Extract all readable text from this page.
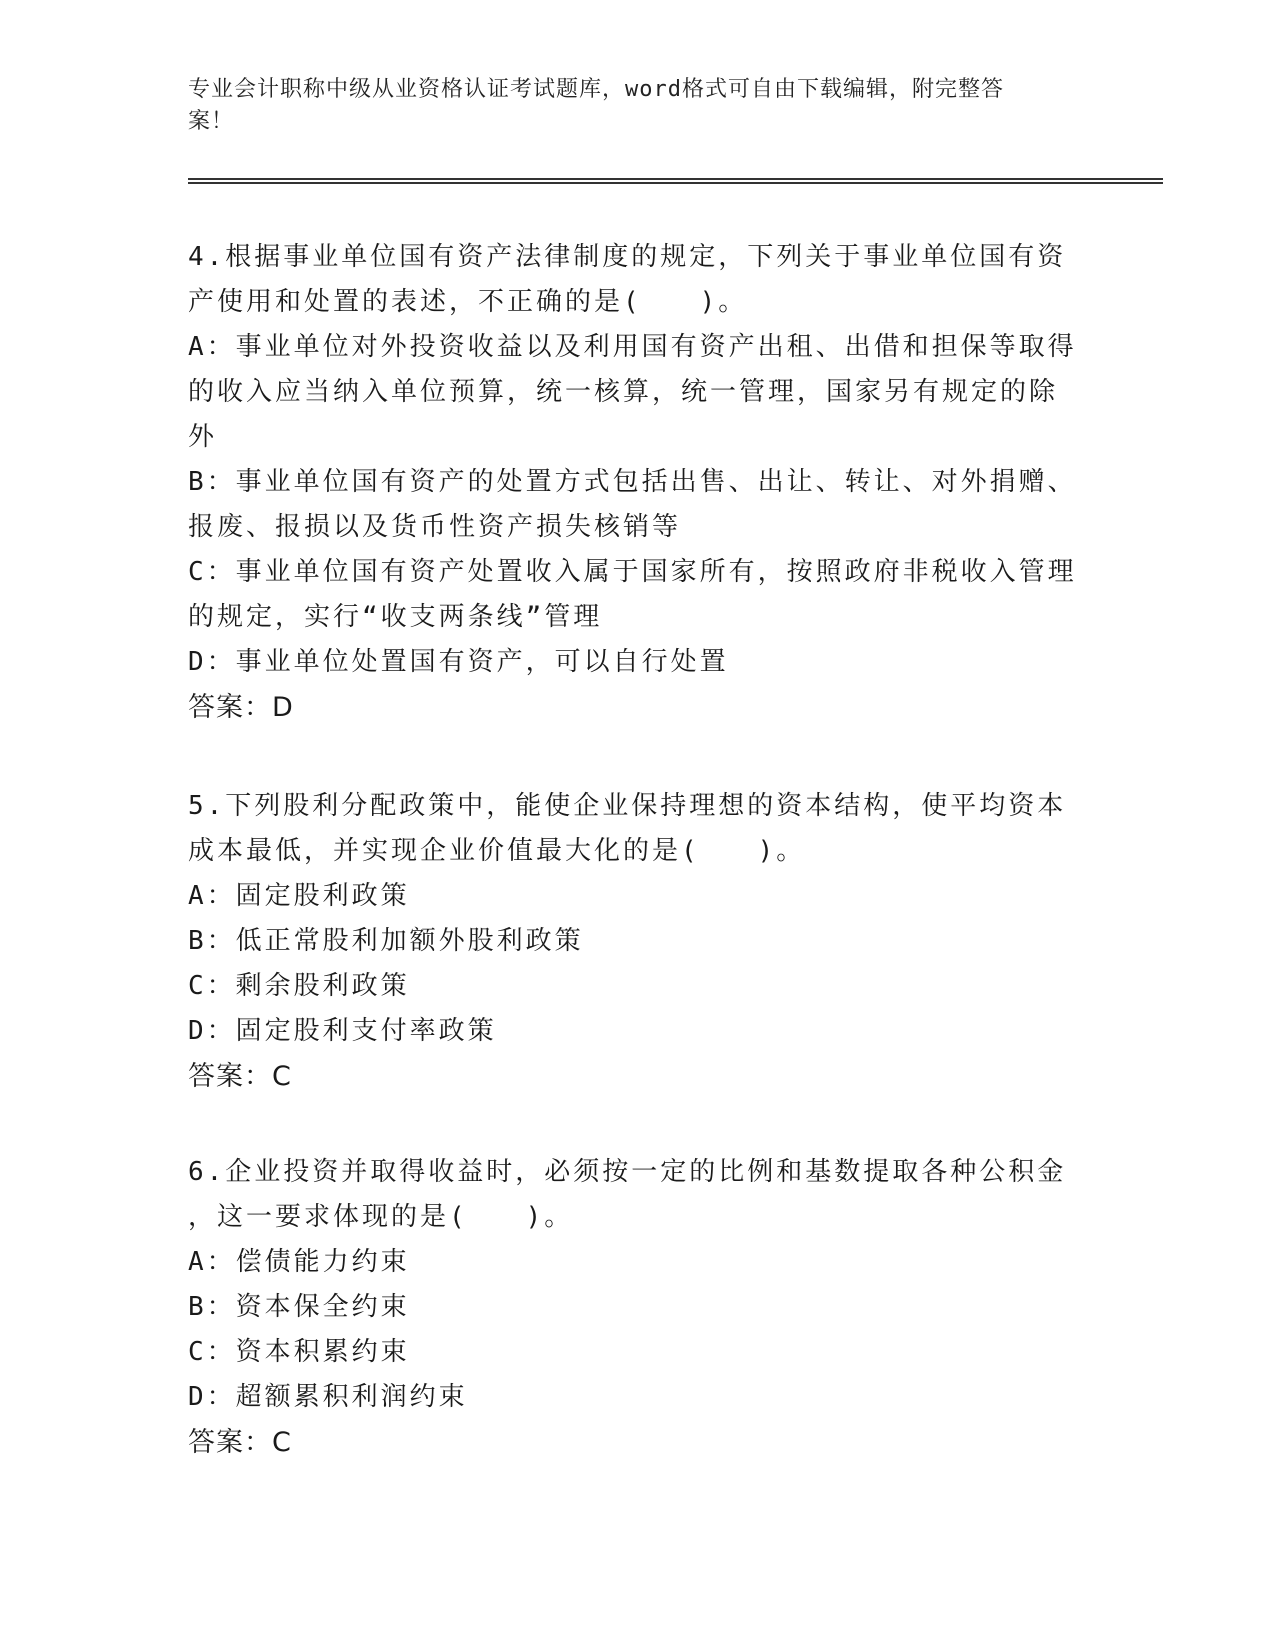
专业会计职称中级从业资格认证考试题库，word格式可自由下载编辑，附完整答
案！
4.根据事业单位国有资产法律制度的规定，下列关于事业单位国有资
产使用和处置的表述，不正确的是(　　)。
A：事业单位对外投资收益以及利用国有资产出租、出借和担保等取得
的收入应当纳入单位预算，统一核算，统一管理，国家另有规定的除
外
B：事业单位国有资产的处置方式包括出售、出让、转让、对外捐赠、
报废、报损以及货币性资产损失核销等
C：事业单位国有资产处置收入属于国家所有，按照政府非税收入管理
的规定，实行“收支两条线”管理
D：事业单位处置国有资产，可以自行处置
答案：D
5.下列股利分配政策中，能使企业保持理想的资本结构，使平均资本
成本最低，并实现企业价值最大化的是(　　)。
A：固定股利政策
B：低正常股利加额外股利政策
C：剩余股利政策
D：固定股利支付率政策
答案：C
6.企业投资并取得收益时，必须按一定的比例和基数提取各种公积金
，这一要求体现的是(　　)。
A：偿债能力约束
B：资本保全约束
C：资本积累约束
D：超额累积利润约束
答案：C
